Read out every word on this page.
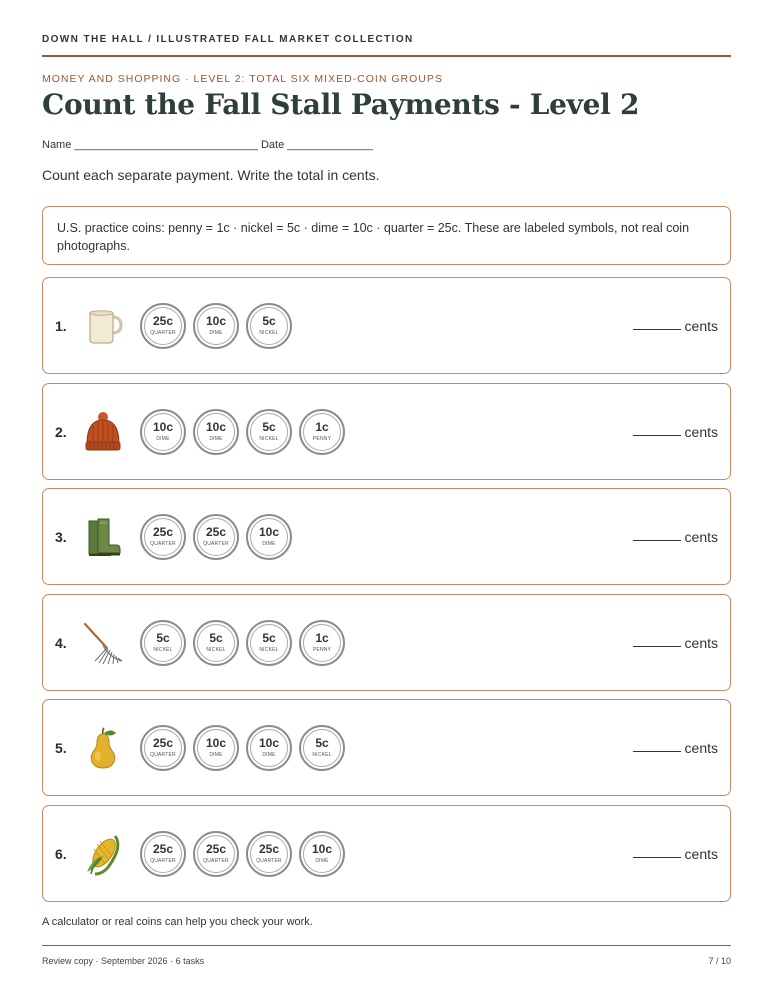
DOWN THE HALL / ILLUSTRATED FALL MARKET COLLECTION
MONEY AND SHOPPING · LEVEL 2: TOTAL SIX MIXED-COIN GROUPS
Count the Fall Stall Payments - Level 2
Name ______________________________ Date ______________
Count each separate payment. Write the total in cents.
U.S. practice coins: penny = 1c · nickel = 5c · dime = 10c · quarter = 25c. These are labeled symbols, not real coin photographs.
1.	25c
QUARTER
10c
DIME
5c
NICKEL	cents
2.	10c
DIME
10c
DIME
5c
NICKEL
1c
PENNY	cents
3.	25c
QUARTER
25c
QUARTER
10c
DIME	cents
4.	5c
NICKEL
5c
NICKEL
5c
NICKEL
1c
PENNY	cents
5.	25c
QUARTER
10c
DIME
10c
DIME
5c
NICKEL	cents
6.	25c
QUARTER
25c
QUARTER
25c
QUARTER
10c
DIME	cents
A calculator or real coins can help you check your work.
Review copy · September 2026 · 6 tasks	7 / 10
